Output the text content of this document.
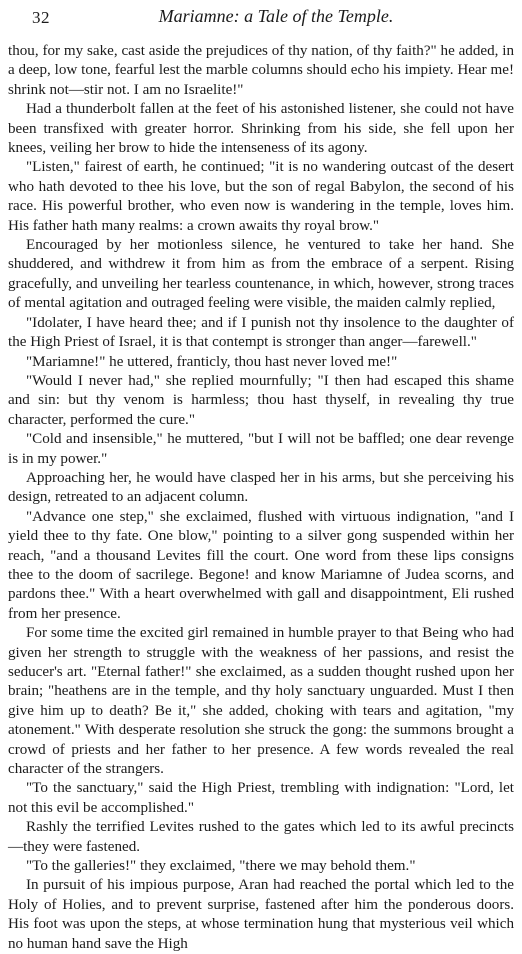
32	Mariamne: a Tale of the Temple.

thou, for my sake, cast aside the prejudices of thy nation, of thy faith?" he added, in a deep, low tone, fearful lest the marble columns should echo his impiety. Hear me! shrink not—stir not. I am no Israelite!"

Had a thunderbolt fallen at the feet of his astonished listener, she could not have been transfixed with greater horror. Shrinking from his side, she fell upon her knees, veiling her brow to hide the intenseness of its agony.

"Listen," fairest of earth, he continued; "it is no wandering outcast of the desert who hath devoted to thee his love, but the son of regal Babylon, the second of his race. His powerful brother, who even now is wandering in the temple, loves him. His father hath many realms: a crown awaits thy royal brow."

Encouraged by her motionless silence, he ventured to take her hand. She shuddered, and withdrew it from him as from the embrace of a serpent. Rising gracefully, and unveiling her tearless countenance, in which, however, strong traces of mental agitation and outraged feeling were visible, the maiden calmly replied,

"Idolater, I have heard thee; and if I punish not thy insolence to the daughter of the High Priest of Israel, it is that contempt is stronger than anger—farewell."

"Mariamne!" he uttered, franticly, thou hast never loved me!"

"Would I never had," she replied mournfully; "I then had escaped this shame and sin: but thy venom is harmless; thou hast thyself, in revealing thy true character, performed the cure."

"Cold and insensible," he muttered, "but I will not be baffled; one dear revenge is in my power."

Approaching her, he would have clasped her in his arms, but she perceiving his design, retreated to an adjacent column.

"Advance one step," she exclaimed, flushed with virtuous indignation, "and I yield thee to thy fate. One blow," pointing to a silver gong suspended within her reach, "and a thousand Levites fill the court. One word from these lips consigns thee to the doom of sacrilege. Begone! and know Mariamne of Judea scorns, and pardons thee." With a heart overwhelmed with gall and disappointment, Eli rushed from her presence.

For some time the excited girl remained in humble prayer to that Being who had given her strength to struggle with the weakness of her passions, and resist the seducer's art. "Eternal father!" she exclaimed, as a sudden thought rushed upon her brain; "heathens are in the temple, and thy holy sanctuary unguarded. Must I then give him up to death? Be it," she added, choking with tears and agitation, "my atonement." With desperate resolution she struck the gong: the summons brought a crowd of priests and her father to her presence. A few words revealed the real character of the strangers.

"To the sanctuary," said the High Priest, trembling with indignation: "Lord, let not this evil be accomplished."

Rashly the terrified Levites rushed to the gates which led to its awful precincts—they were fastened.

"To the galleries!" they exclaimed, "there we may behold them."

In pursuit of his impious purpose, Aran had reached the portal which led to the Holy of Holies, and to prevent surprise, fastened after him the ponderous doors. His foot was upon the steps, at whose termination hung that mysterious veil which no human hand save the High
